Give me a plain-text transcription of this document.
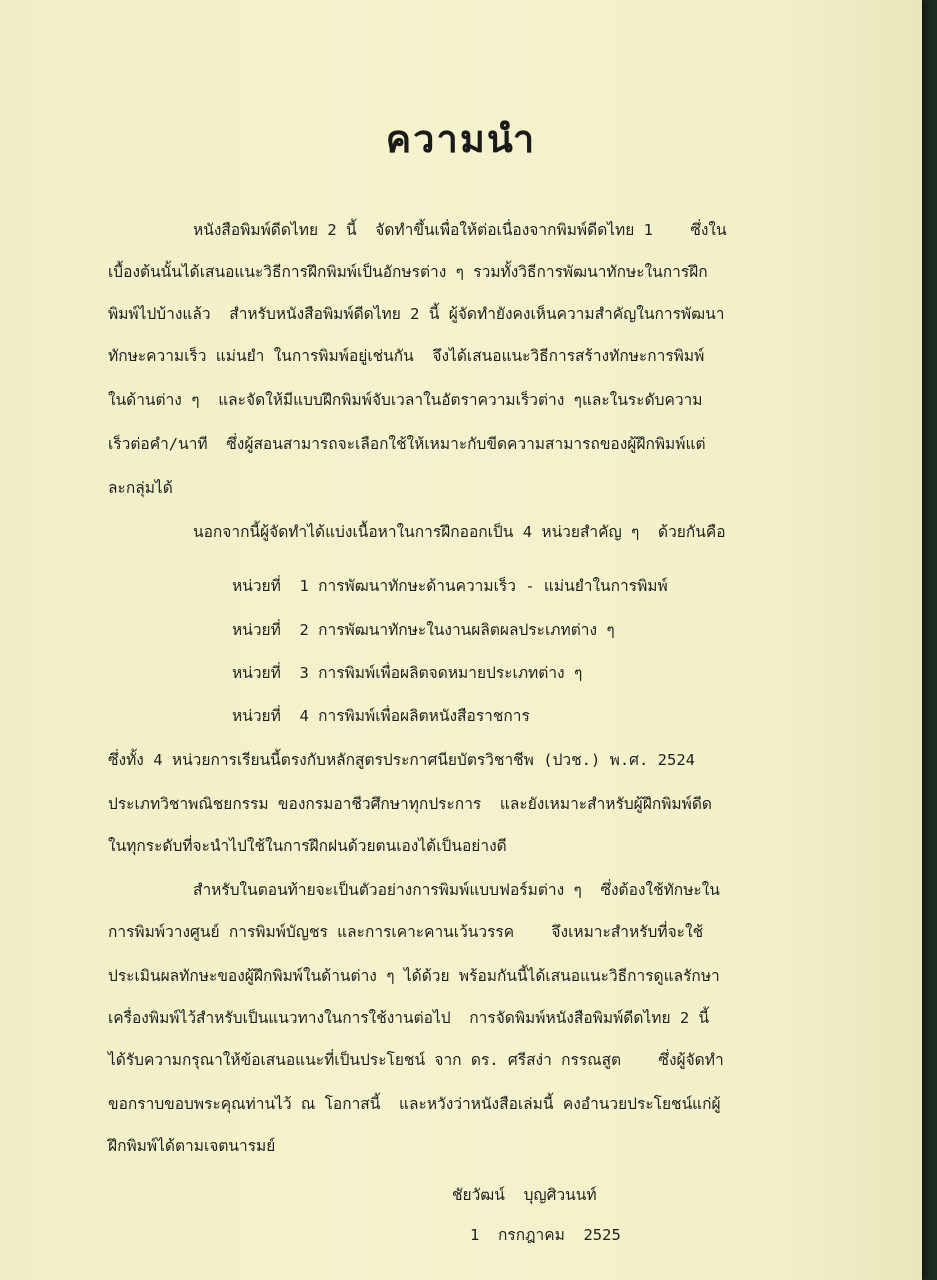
ความนำ

หนังสือพิมพ์ดีดไทย 2 นี้  จัดทำขึ้นเพื่อให้ต่อเนื่องจากพิมพ์ดีดไทย 1    ซึ่งใน

เบื้องต้นนั้นได้เสนอแนะวิธีการฝึกพิมพ์เป็นอักษรต่าง ๆ รวมทั้งวิธีการพัฒนาทักษะในการฝึก

พิมพ์ไปบ้างแล้ว  สำหรับหนังสือพิมพ์ดีดไทย 2 นี้ ผู้จัดทำยังคงเห็นความสำคัญในการพัฒนา

ทักษะความเร็ว แม่นยำ ในการพิมพ์อยู่เช่นกัน  จึงได้เสนอแนะวิธีการสร้างทักษะการพิมพ์

ในด้านต่าง ๆ  และจัดให้มีแบบฝึกพิมพ์จับเวลาในอัตราความเร็วต่าง ๆและในระดับความ

เร็วต่อคำ/นาที  ซึ่งผู้สอนสามารถจะเลือกใช้ให้เหมาะกับขีดความสามารถของผู้ฝึกพิมพ์แต่

ละกลุ่มได้

นอกจากนี้ผู้จัดทำได้แบ่งเนื้อหาในการฝึกออกเป็น 4 หน่วยสำคัญ ๆ  ด้วยกันคือ

หน่วยที่  1 การพัฒนาทักษะด้านความเร็ว - แม่นยำในการพิมพ์

หน่วยที่  2 การพัฒนาทักษะในงานผลิตผลประเภทต่าง ๆ

หน่วยที่  3 การพิมพ์เพื่อผลิตจดหมายประเภทต่าง ๆ

หน่วยที่  4 การพิมพ์เพื่อผลิตหนังสือราชการ

ซึ่งทั้ง 4 หน่วยการเรียนนี้ตรงกับหลักสูตรประกาศนียบัตรวิชาชีพ (ปวช.) พ.ศ. 2524

ประเภทวิชาพณิชยกรรม ของกรมอาชีวศึกษาทุกประการ  และยังเหมาะสำหรับผู้ฝึกพิมพ์ดีด

ในทุกระดับที่จะนำไปใช้ในการฝึกฝนด้วยตนเองได้เป็นอย่างดี

สำหรับในตอนท้ายจะเป็นตัวอย่างการพิมพ์แบบฟอร์มต่าง ๆ  ซึ่งต้องใช้ทักษะใน

การพิมพ์วางศูนย์ การพิมพ์บัญชร และการเคาะคานเว้นวรรค    จึงเหมาะสำหรับที่จะใช้

ประเมินผลทักษะของผู้ฝึกพิมพ์ในด้านต่าง ๆ ได้ด้วย พร้อมกันนี้ได้เสนอแนะวิธีการดูแลรักษา

เครื่องพิมพ์ไว้สำหรับเป็นแนวทางในการใช้งานต่อไป  การจัดพิมพ์หนังสือพิมพ์ดีดไทย 2 นี้

ได้รับความกรุณาให้ข้อเสนอแนะที่เป็นประโยชน์ จาก ดร. ศรีสง่า กรรณสูต    ซึ่งผู้จัดทำ

ขอกราบขอบพระคุณท่านไว้ ณ โอกาสนี้  และหวังว่าหนังสือเล่มนี้ คงอำนวยประโยชน์แก่ผู้

ฝึกพิมพ์ได้ตามเจตนารมย์

ชัยวัฒน์  บุญศิวนนท์

1  กรกฎาคม  2525
